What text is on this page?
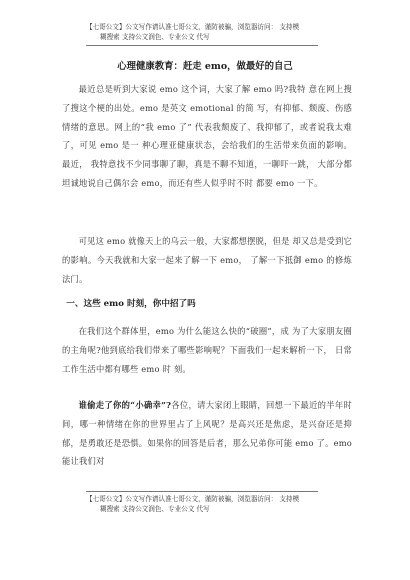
【七哥公文】公文写作请认准七哥公文，谨防被骗，浏览器访问： 支持模
糊搜索 支持公文润色、专业公文 代写
心理健康教育：赶走 emo，做最好的自己

最近总是听到大家说 emo 这个词，大家了解 emo 吗?我特 意在网上搜了搜这个梗的出处。emo 是英文 emotional 的简 写，有抑郁、颓废、伤感情绪的意思。网上的“我 emo 了” 代表我颓废了、我抑郁了，或者说我太难了，可见 emo 是一 种心理亚健康状态，会给我们的生活带来负面的影响。最近， 我特意找不少同事聊了聊，真是不聊不知道，一聊吓一跳， 大部分都坦诚地说自己偶尔会 emo，而还有些人似乎时不时 都要 emo 一下。

可见这 emo 就像天上的乌云一般，大家都想摆脱，但是 却又总是受到它的影响。今天我就和大家一起来了解一下 emo， 了解一下抵御 emo 的修炼法门。

一、这些 emo 时刻，你中招了吗

在我们这个群体里，emo 为什么能这么快的“破圈”，成 为了大家朋友圈的主角呢?他到底给我们带来了哪些影响呢？下面我们一起来解析一下， 日常工作生活中都有哪些 emo 时 刻。

谁偷走了你的“小确幸”?各位，请大家闭上眼睛，回想一下最近的半年时间，哪一种情绪在你的世界里占了上风呢？是高兴还是焦虑，是兴奋还是抑郁，是勇敢还是恐惧。如果你的回答是后者，那么兄弟你可能 emo 了。emo 能让我们对

【七哥公文】公文写作请认准七哥公文，谨防被骗，浏览器访问： 支持模
糊搜索 支持公文润色、专业公文 代写
